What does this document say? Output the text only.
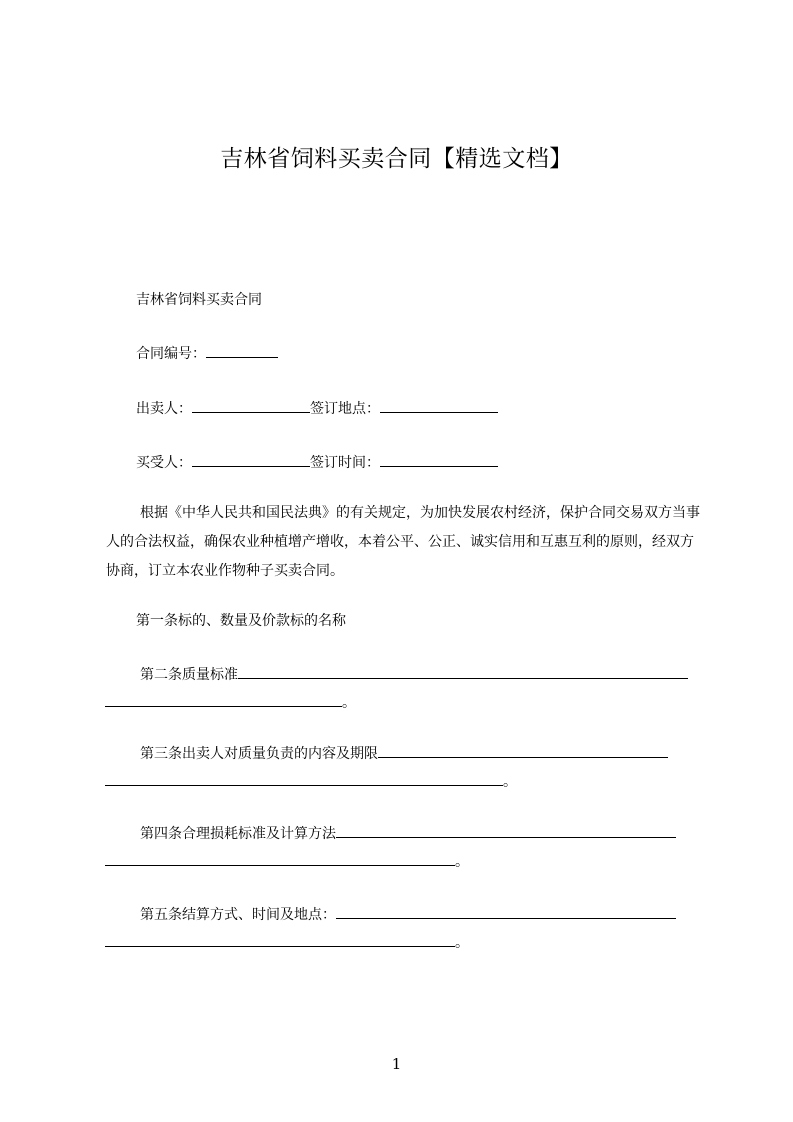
吉林省饲料买卖合同【精选文档】
吉林省饲料买卖合同
合同编号：
出卖人：	签订地点：
买受人：	签订时间：
根据《中华人民共和国民法典》的有关规定，为加快发展农村经济，保护合同交易双方当事人的合法权益，确保农业种植增产增收，本着公平、公正、诚实信用和互惠互利的原则，经双方协商，订立本农业作物种子买卖合同。
第一条标的、数量及价款标的名称
第二条质量标准
。
第三条出卖人对质量负责的内容及期限
。
第四条合理损耗标准及计算方法
。
第五条结算方式、时间及地点：
。
1
